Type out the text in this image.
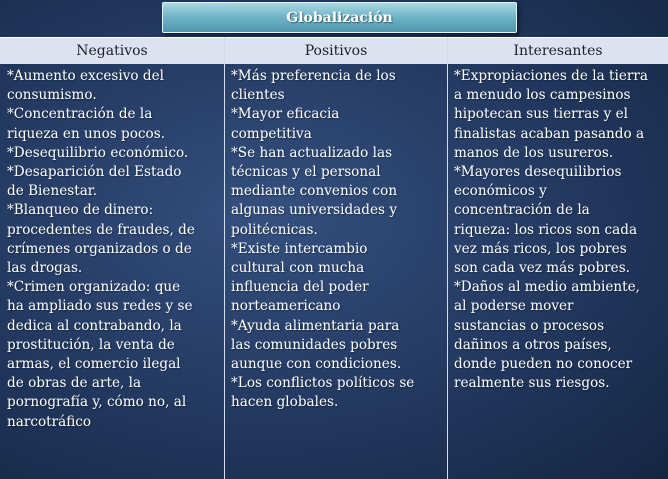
Globalización
Negativos	Positivos	Interesantes
*Aumento excesivo del
consumismo.
*Concentración de la
riqueza en unos pocos.
*Desequilibrio económico.
*Desaparición del Estado
de Bienestar.
*Blanqueo de dinero:
procedentes de fraudes, de
crímenes organizados o de
las drogas.
*Crimen organizado: que
ha ampliado sus redes y se
dedica al contrabando, la
prostitución, la venta de
armas, el comercio ilegal
de obras de arte, la
pornografía y, cómo no, al
narcotráfico
*Más preferencia de los
clientes
*Mayor eficacia
competitiva
*Se han actualizado las
técnicas y el personal
mediante convenios con
algunas universidades y
politécnicas.
*Existe intercambio
cultural con mucha
influencia del poder
norteamericano
*Ayuda alimentaria para
las comunidades pobres
aunque con condiciones.
*Los conflictos políticos se
hacen globales.
*Expropiaciones de la tierra
a menudo los campesinos
hipotecan sus tierras y el
finalistas acaban pasando a
manos de los usureros.
*Mayores desequilibrios
económicos y
concentración de la
riqueza: los ricos son cada
vez más ricos, los pobres
son cada vez más pobres.
*Daños al medio ambiente,
al poderse mover
sustancias o procesos
dañinos a otros países,
donde pueden no conocer
realmente sus riesgos.
